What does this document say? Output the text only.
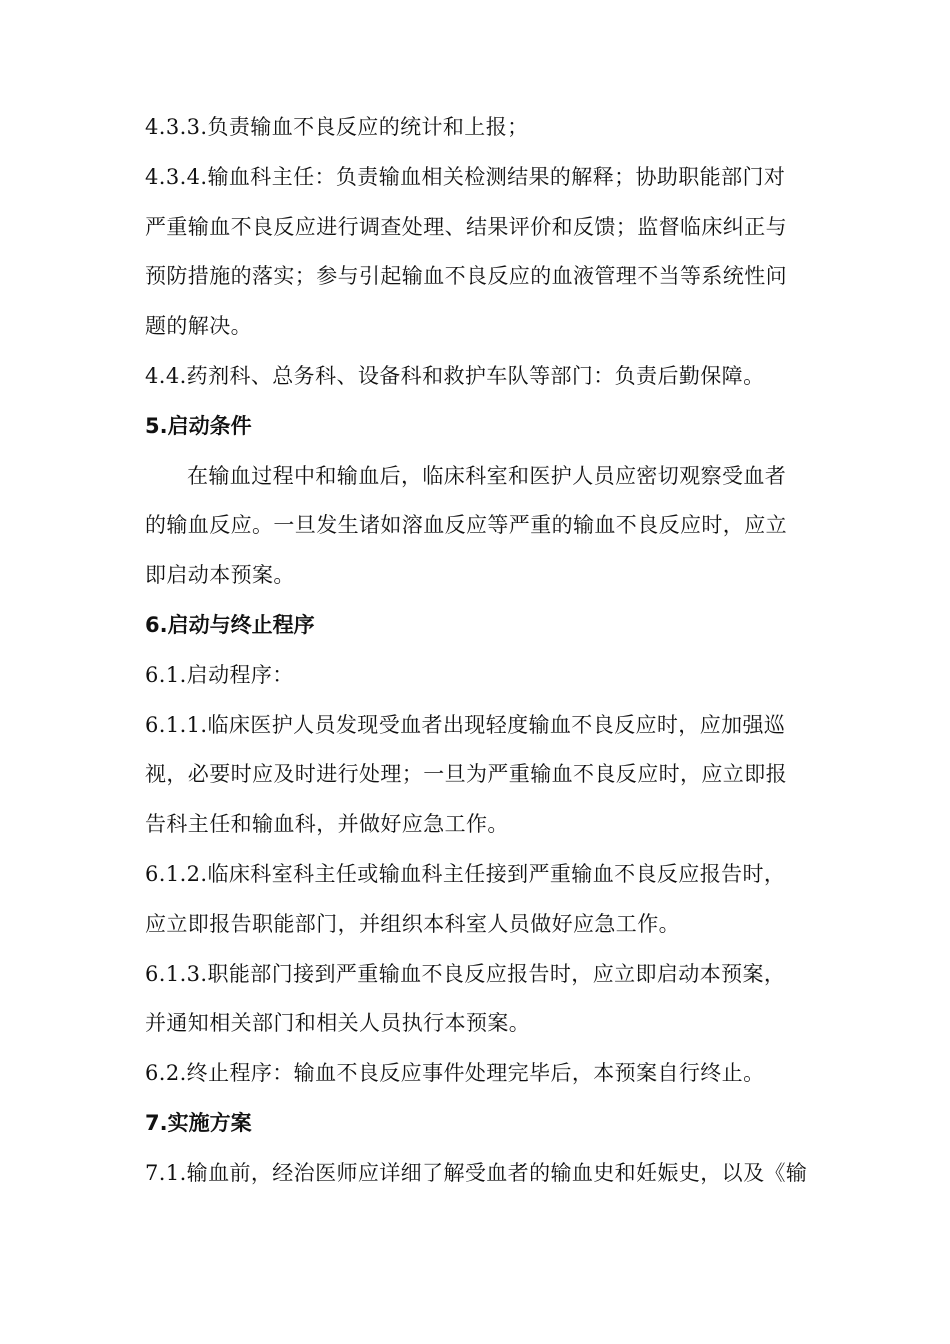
4.3.3.负责输血不良反应的统计和上报；
4.3.4.输血科主任：负责输血相关检测结果的解释；协助职能部门对
严重输血不良反应进行调查处理、结果评价和反馈；监督临床纠正与
预防措施的落实；参与引起输血不良反应的血液管理不当等系统性问
题的解决。
4.4.药剂科、总务科、设备科和救护车队等部门：负责后勤保障。
5.启动条件
在输血过程中和输血后，临床科室和医护人员应密切观察受血者
的输血反应。一旦发生诸如溶血反应等严重的输血不良反应时，应立
即启动本预案。
6.启动与终止程序
6.1.启动程序：
6.1.1.临床医护人员发现受血者出现轻度输血不良反应时，应加强巡
视，必要时应及时进行处理；一旦为严重输血不良反应时，应立即报
告科主任和输血科，并做好应急工作。
6.1.2.临床科室科主任或输血科主任接到严重输血不良反应报告时，
应立即报告职能部门，并组织本科室人员做好应急工作。
6.1.3.职能部门接到严重输血不良反应报告时，应立即启动本预案，
并通知相关部门和相关人员执行本预案。
6.2.终止程序：输血不良反应事件处理完毕后，本预案自行终止。
7.实施方案
7.1.输血前，经治医师应详细了解受血者的输血史和妊娠史，以及《输
